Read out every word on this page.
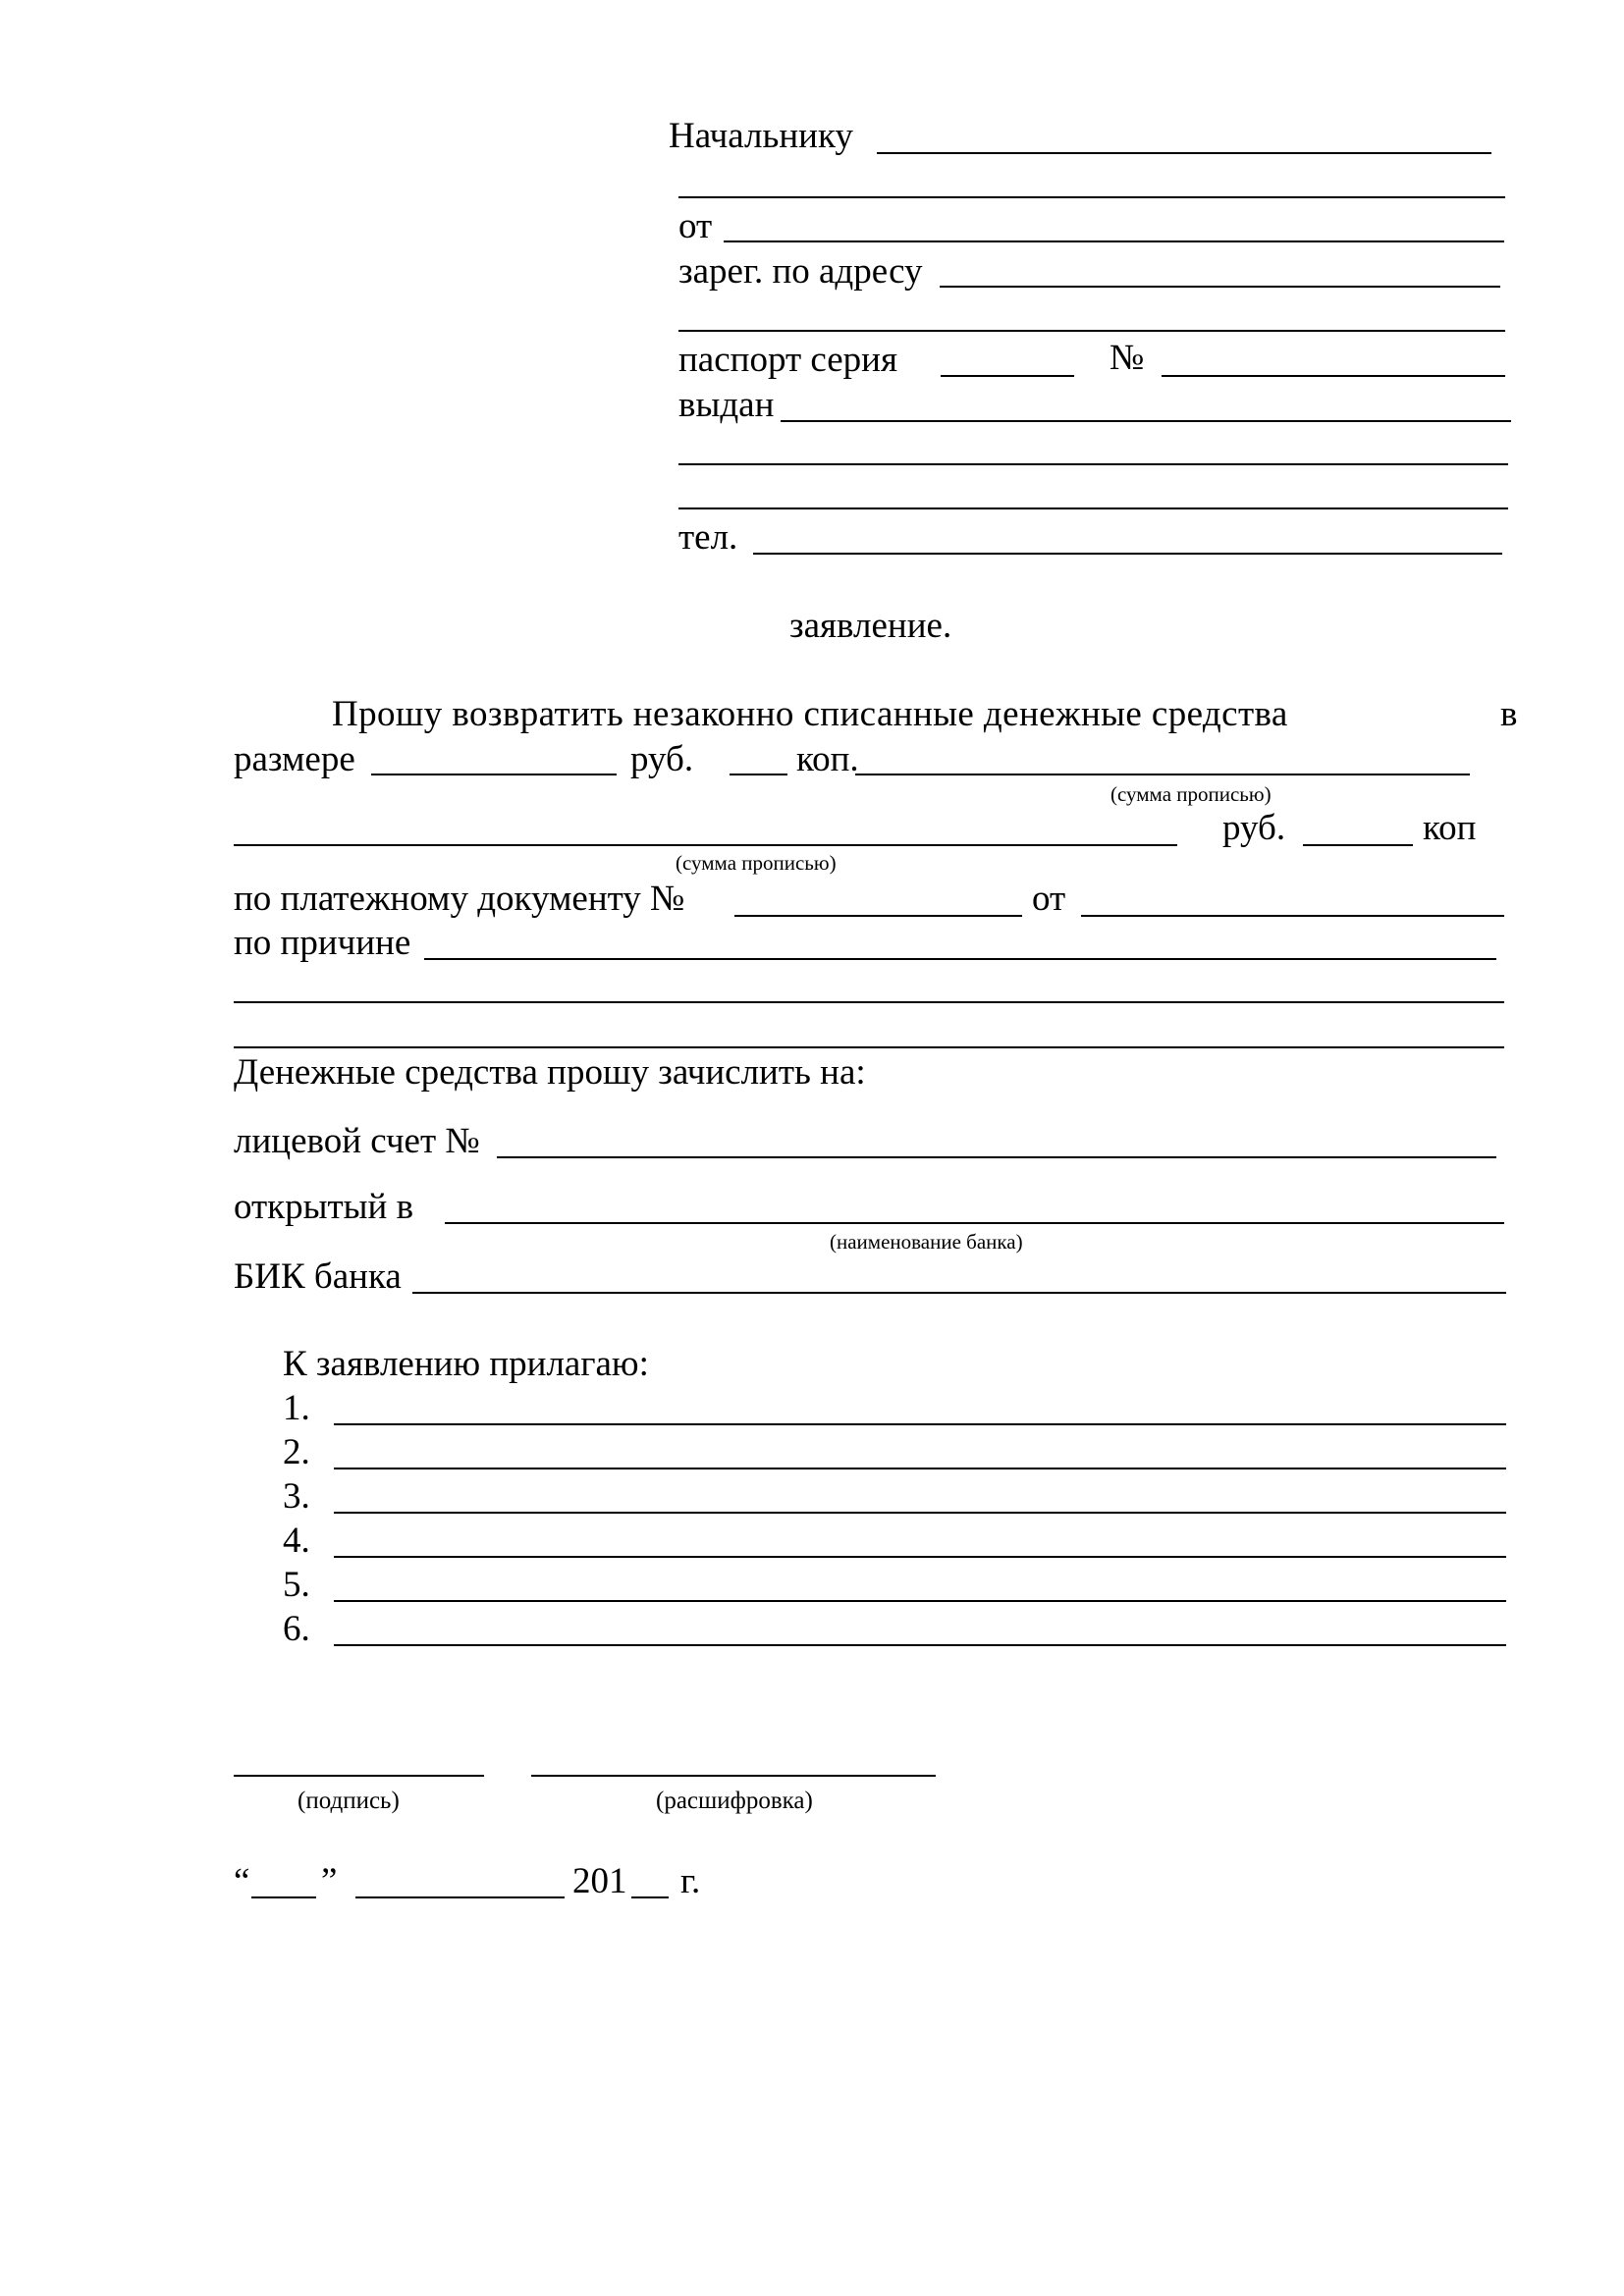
Начальнику
от
зарег. по адресу
паспорт серия	№
выдан
тел.
заявление.
Прошу возвратить незаконно списанные денежные средства	в
размере	руб.	коп.
(сумма прописью)
руб.	коп
(сумма прописью)
по платежному документу №	от
по причине
Денежные средства прошу зачислить на:
лицевой счет №
открытый в
(наименование банка)
БИК банка
К заявлению прилагаю:
1.
2.
3.
4.
5.
6.
(подпись)	(расшифровка)
“ ”	201 г.
